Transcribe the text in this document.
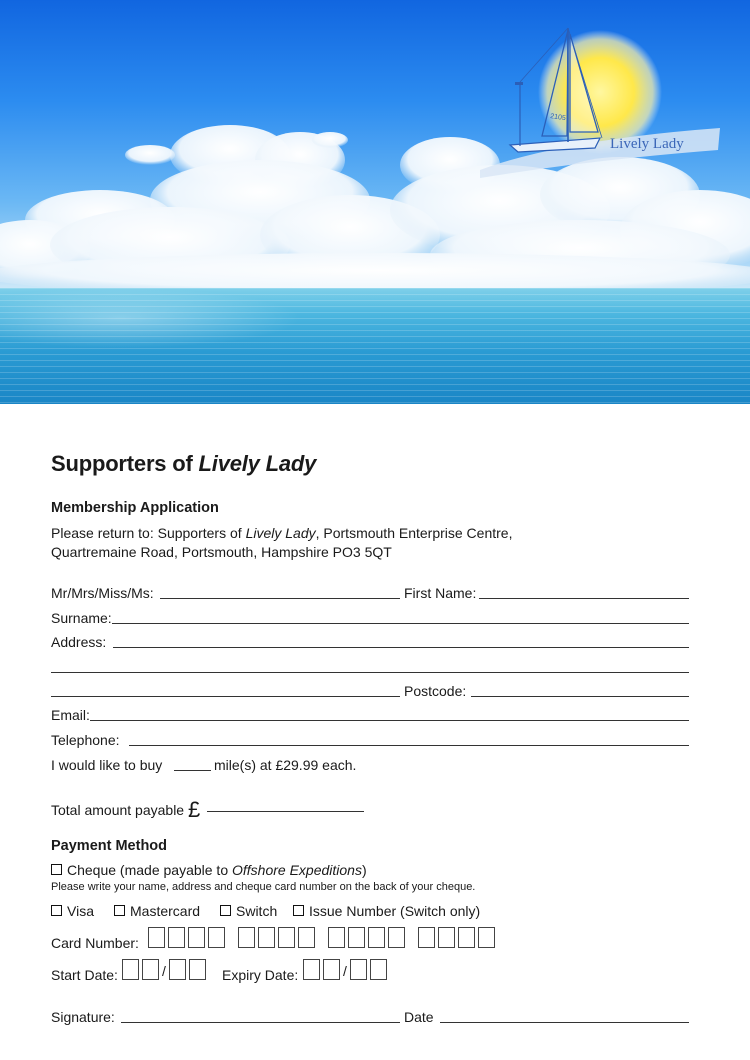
2105
Lively Lady
Supporters of Lively Lady
Membership Application
Please return to: Supporters of Lively Lady, Portsmouth Enterprise Centre,
Quartremaine Road, Portsmouth, Hampshire PO3 5QT
Mr/Mrs/Miss/Ms:	First Name:
Surname:
Address:
Postcode:
Email:
Telephone:
I would like to buy	mile(s) at £29.99 each.
Total amount payable £
Payment Method
Cheque (made payable to Offshore Expeditions)
Please write your name, address and cheque card number on the back of your cheque.
Visa	Mastercard	Switch	Issue Number (Switch only)
Card Number:
Start Date:	/	Expiry Date:	/
Signature:	Date
